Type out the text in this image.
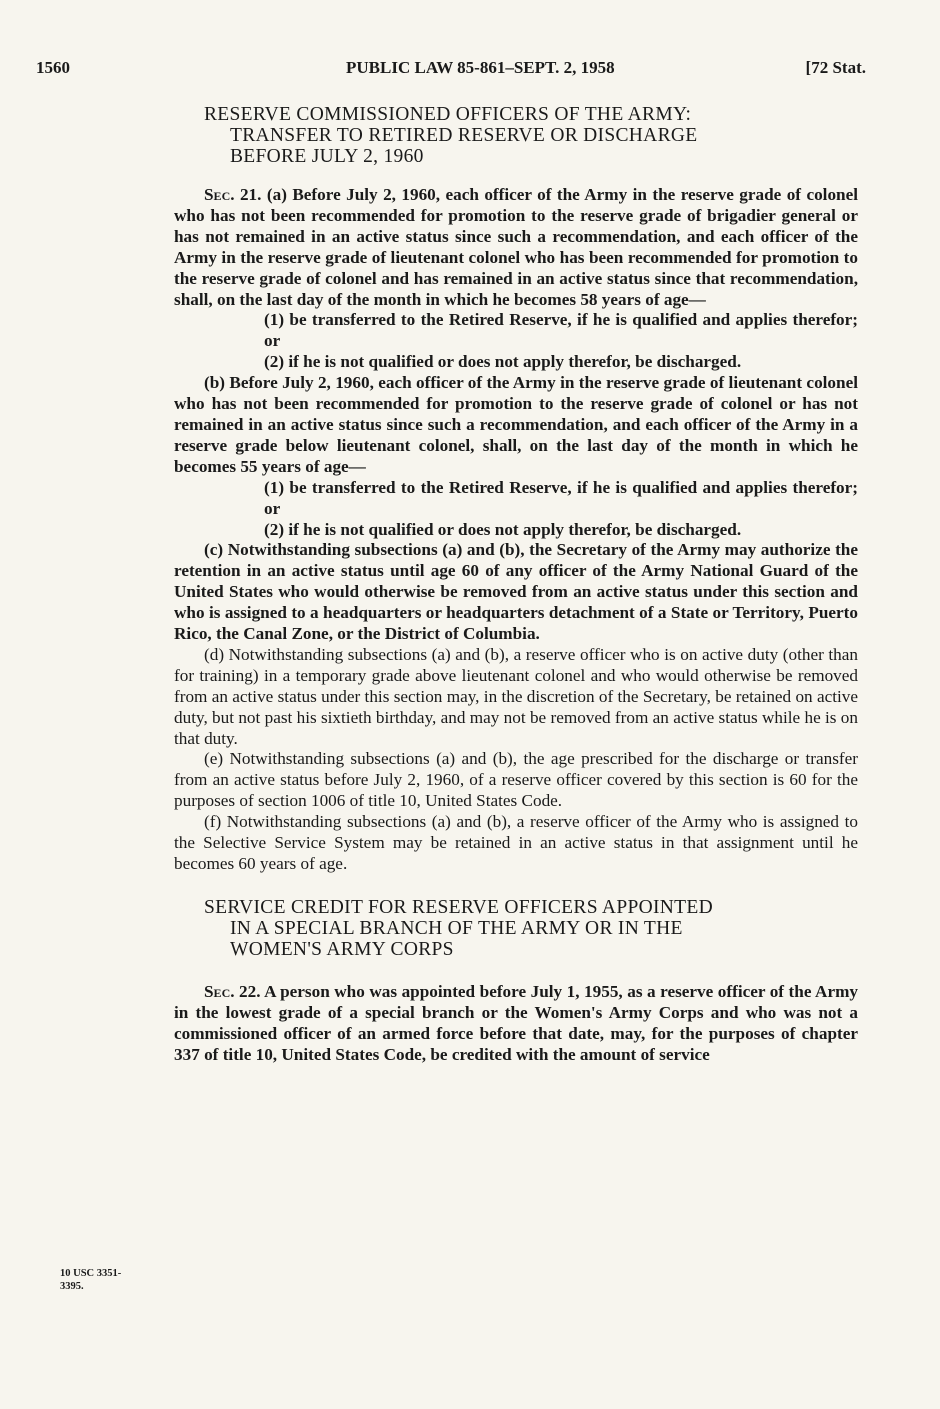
1560	PUBLIC LAW 85-861–SEPT. 2, 1958	[72 Stat.
RESERVE COMMISSIONED OFFICERS OF THE ARMY:
TRANSFER TO RETIRED RESERVE OR DISCHARGE
BEFORE JULY 2, 1960

Sec. 21. (a) Before July 2, 1960, each officer of the Army in the reserve grade of colonel who has not been recommended for promotion to the reserve grade of brigadier general or has not remained in an active status since such a recommendation, and each officer of the Army in the reserve grade of lieutenant colonel who has been recommended for promotion to the reserve grade of colonel and has remained in an active status since that recommendation, shall, on the last day of the month in which he becomes 58 years of age—

(1) be transferred to the Retired Reserve, if he is qualified and applies therefor; or

(2) if he is not qualified or does not apply therefor, be discharged.

(b) Before July 2, 1960, each officer of the Army in the reserve grade of lieutenant colonel who has not been recommended for promotion to the reserve grade of colonel or has not remained in an active status since such a recommendation, and each officer of the Army in a reserve grade below lieutenant colonel, shall, on the last day of the month in which he becomes 55 years of age—

(1) be transferred to the Retired Reserve, if he is qualified and applies therefor; or

(2) if he is not qualified or does not apply therefor, be discharged.

(c) Notwithstanding subsections (a) and (b), the Secretary of the Army may authorize the retention in an active status until age 60 of any officer of the Army National Guard of the United States who would otherwise be removed from an active status under this section and who is assigned to a headquarters or headquarters detachment of a State or Territory, Puerto Rico, the Canal Zone, or the District of Columbia.

(d) Notwithstanding subsections (a) and (b), a reserve officer who is on active duty (other than for training) in a temporary grade above lieutenant colonel and who would otherwise be removed from an active status under this section may, in the discretion of the Secretary, be retained on active duty, but not past his sixtieth birthday, and may not be removed from an active status while he is on that duty.

(e) Notwithstanding subsections (a) and (b), the age prescribed for the discharge or transfer from an active status before July 2, 1960, of a reserve officer covered by this section is 60 for the purposes of section 1006 of title 10, United States Code.

(f) Notwithstanding subsections (a) and (b), a reserve officer of the Army who is assigned to the Selective Service System may be retained in an active status in that assignment until he becomes 60 years of age.

SERVICE CREDIT FOR RESERVE OFFICERS APPOINTED
IN A SPECIAL BRANCH OF THE ARMY OR IN THE
WOMEN'S ARMY CORPS

Sec. 22. A person who was appointed before July 1, 1955, as a reserve officer of the Army in the lowest grade of a special branch or the Women's Army Corps and who was not a commissioned officer of an armed force before that date, may, for the purposes of chapter 337 of title 10, United States Code, be credited with the amount of service

10 USC 3351-
3395.
